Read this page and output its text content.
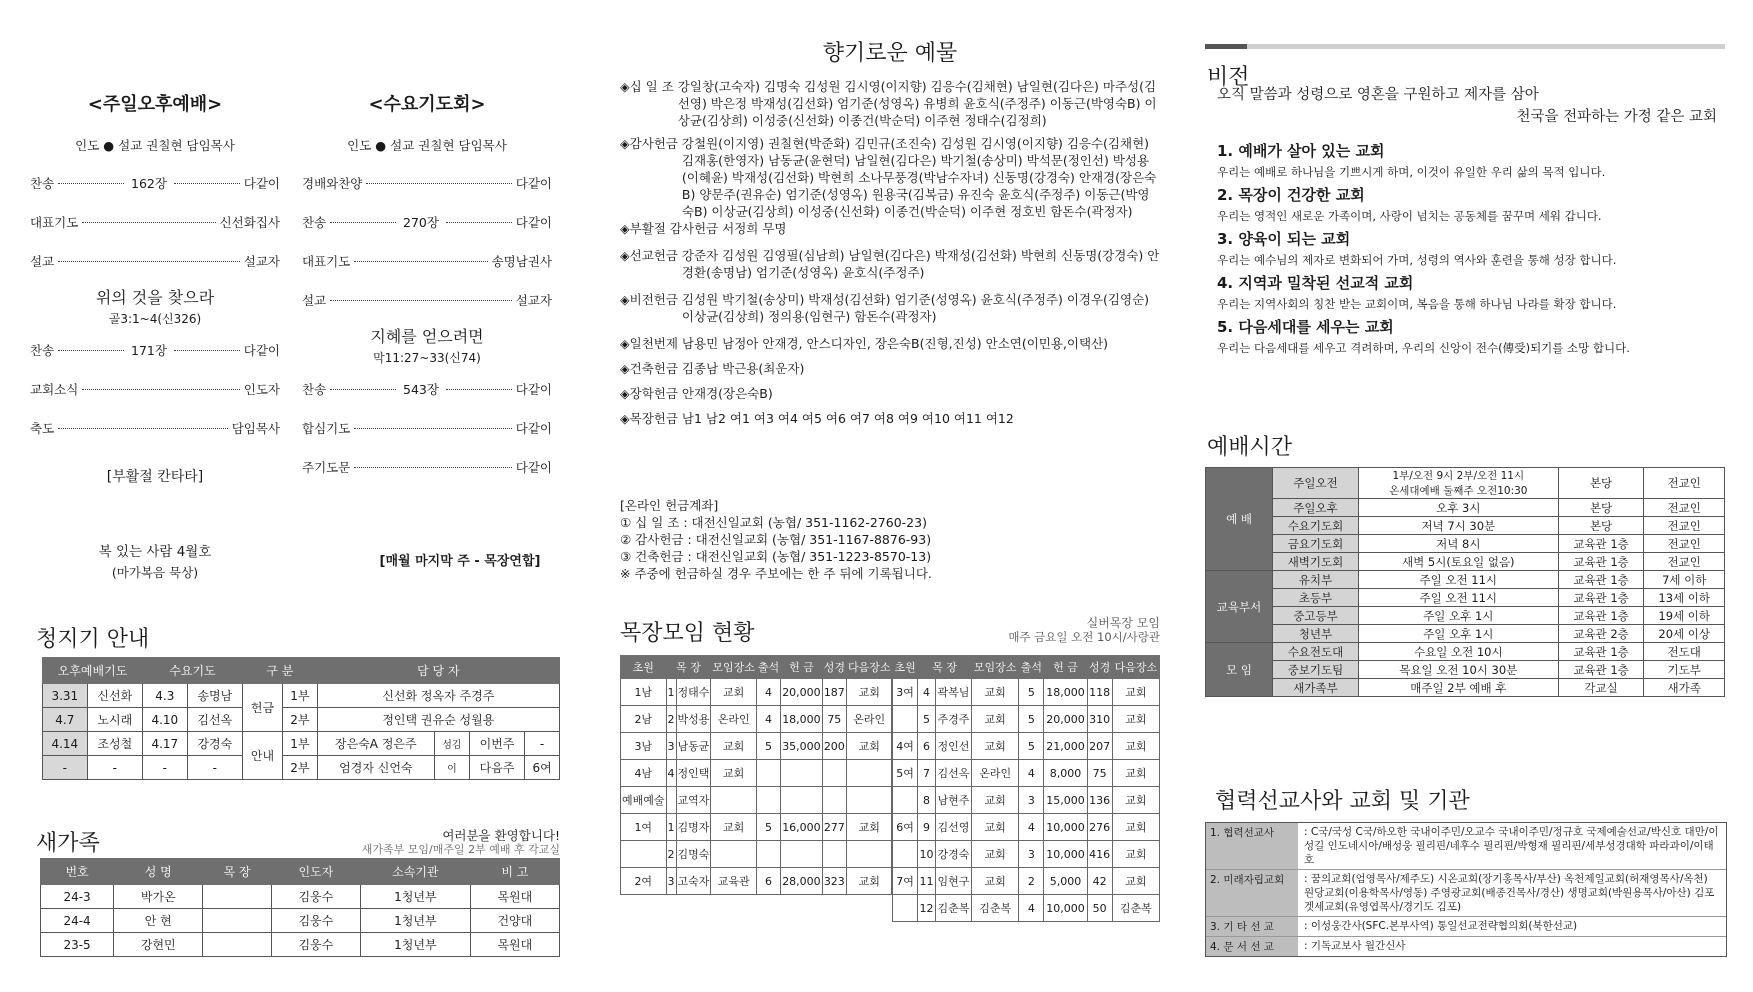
<주일오후예배>
인도 ● 설교 권칠현 담임목사
찬송	162장	다같이
대표기도	신선화집사
설교	설교자
위의 것을 찾으라
골3:1~4(신326)
찬송	171장	다같이
교회소식	인도자
축도	담임목사
[부활절 칸타타]
<수요기도회>
인도 ● 설교 권칠현 담임목사
경배와찬양	다같이
찬송	270장	다같이
대표기도	송명남권사
설교	설교자
지혜를 얻으려면
막11:27~33(신74)
찬송	543장	다같이
합심기도	다같이
주기도문	다같이
복 있는 사람 4월호
(마가복음 묵상)
[매월 마지막 주 - 목장연합]
청지기 안내
오후예배기도		수요기도		구 분		담 당 자			
3.31	신선화	4.3	송명남	헌금	1부	신선화 정옥자 주경주			
4.7	노시래	4.10	김선옥		2부	정인택 권유순 성월용			
4.14	조성철	4.17	강경숙	안내	1부	장은숙A 정은주	섬김	이번주	-
-	-	-	-		2부	엄경자 신언숙	이	다음주	6여
새가족	여러분을 환영합니다!
새가족부 모임/매주일 2부 예배 후 각교실
번호	성 명	목 장	인도자	소속기관	비 고
24-3	박가온		김웅수	1청년부	목원대
24-4	안 현		김웅수	1청년부	건양대
23-5	강현민		김웅수	1청년부	목원대
향기로운 예물
◈십 일 조 강일창(고숙자) 김명숙 김성원 김시영(이지향) 김응수(김채현) 남일현(김다은) 마주성(김선영) 박은정 박재성(김선화) 엄기준(성영옥) 유병희 윤호식(주정주) 이동근(박영숙B) 이상균(김상희) 이성중(신선화) 이종건(박순덕) 이주현 정태수(김정희)
◈감사헌금 강철원(이지영) 권칠현(박준화) 김민규(조진숙) 김성원 김시영(이지향) 김응수(김채현) 김재홍(한영자) 남동균(윤현덕) 남일현(김다은) 박기철(송상미) 박석문(정인선) 박성용(이혜윤) 박재성(김선화) 박현희 소나무풍경(박남수자녀) 신동명(강경숙) 안재경(장은숙B) 양문주(권유순) 엄기준(성영옥) 원용국(김복금) 유진숙 윤호식(주정주) 이동근(박영숙B) 이상균(김상희) 이성중(신선화) 이종건(박순덕) 이주현 정호빈 함돈수(곽정자)
◈부활절 감사헌금 서정희 무명
◈선교헌금 강준자 김성원 김영필(심남희) 남일현(김다은) 박재성(김선화) 박현희 신동명(강경숙) 안경환(송명남) 엄기준(성영옥) 윤호식(주정주)
◈비전헌금 김성원 박기철(송상미) 박재성(김선화) 엄기준(성영옥) 윤호식(주정주) 이경우(김영순) 이상균(김상희) 정의용(임현구) 함돈수(곽정자)
◈일천번제 남용민 남정아 안재경, 안스디자인, 장은숙B(진형,진성) 안소연(이민용,이택산)
◈건축헌금 김종남 박근용(최운자)
◈장학헌금 안재경(장은숙B)
◈목장헌금 남1 남2 여1 여3 여4 여5 여6 여7 여8 여9 여10 여11 여12
[온라인 헌금계좌]
① 십 일 조 : 대전신일교회 (농협/ 351-1162-2760-23)
② 감사헌금 : 대전신일교회 (농협/ 351-1167-8876-93)
③ 건축헌금 : 대전신일교회 (농협/ 351-1223-8570-13)
※ 주중에 헌금하실 경우 주보에는 한 주 뒤에 기록됩니다.
목장모임 현황	실버목장 모임
매주 금요일 오전 10시/사랑관
초원	목 장		모임장소	출석	헌 금	성경	다음장소
1남	1	정태수	교회	4	20,000	187	교회
2남	2	박성용	온라인	4	18,000	75	온라인
3남	3	남동균	교회	5	35,000	200	교회
4남	4	정인택	교회				
예배예술		교역자					
1여	1	김명자	교회	5	16,000	277	교회
	2	김명숙					
2여	3	고숙자	교육관	6	28,000	323	교회
초원	목 장		모임장소	출석	헌 금	성경	다음장소
3여	4	곽복님	교회	5	18,000	118	교회
	5	주경주	교회	5	20,000	310	교회
4여	6	정인선	교회	5	21,000	207	교회
5여	7	김선옥	온라인	4	8,000	75	교회
	8	남현주	교회	3	15,000	136	교회
6여	9	김선영	교회	4	10,000	276	교회
	10	강경숙	교회	3	10,000	416	교회
7여	11	임현구	교회	2	5,000	42	교회
	12	김춘복	김춘복	4	10,000	50	김춘복
비전
오직 말씀과 성령으로 영혼을 구원하고 제자를 삼아
천국을 전파하는 가정 같은 교회
1. 예배가 살아 있는 교회
우리는 예배로 하나님을 기쁘시게 하며, 이것이 유일한 우리 삶의 목적 입니다.
2. 목장이 건강한 교회
우리는 영적인 새로운 가족이며, 사랑이 넘치는 공동체를 꿈꾸며 세워 갑니다.
3. 양육이 되는 교회
우리는 예수님의 제자로 변화되어 가며, 성령의 역사와 훈련을 통해 성장 합니다.
4. 지역과 밀착된 선교적 교회
우리는 지역사회의 칭찬 받는 교회이며, 복음을 통해 하나님 나라를 확장 합니다.
5. 다음세대를 세우는 교회
우리는 다음세대를 세우고 격려하며, 우리의 신앙이 전수(傳受)되기를 소망 합니다.
예배시간
예 배	주일오전	1부/오전 9시 2부/오전 11시
온세대예배 둘째주 오전10:30	본당	전교인
	주일오후	오후 3시	본당	전교인
	수요기도회	저녁 7시 30분	본당	전교인
	금요기도회	저녁 8시	교육관 1층	전교인
	새벽기도회	새벽 5시(토요일 없음)	교육관 1층	전교인
교육부서	유치부	주일 오전 11시	교육관 1층	7세 이하
	초등부	주일 오전 11시	교육관 1층	13세 이하
	중고등부	주일 오후 1시	교육관 1층	19세 이하
	청년부	주일 오후 1시	교육관 2층	20세 이상
모 임	수요전도대	수요일 오전 10시	교육관 1층	전도대
	중보기도팀	목요일 오전 10시 30분	교육관 1층	기도부
	새가족부	매주일 2부 예배 후	각교실	새가족
협력선교사와 교회 및 기관
1. 협력선교사	: C국/국성 C국/하오한 국내이주민/오교수 국내이주민/정규호 국제예술선교/박신호 대만/이성길 인도네시아/배성웅 필리핀/네후수 필리핀/박형재 필리핀/세부성경대학 파라과이/이태호
2. 미래자립교회	: 꿈의교회(엄영목사/제주도) 시온교회(장기홍목사/부산) 옥천제일교회(허재영목사/옥천) 원당교회(이용학목사/영동) 주영광교회(배종건목사/경산) 생명교회(박원용목사/아산) 김포겟세교회(유영엽목사/경기도 김포)
3. 기 타 선 교	: 이성웅간사(SFC.본부사역) 통일선교전략협의회(북한선교)
4. 문 서 선 교	: 기독교보사 월간신사
